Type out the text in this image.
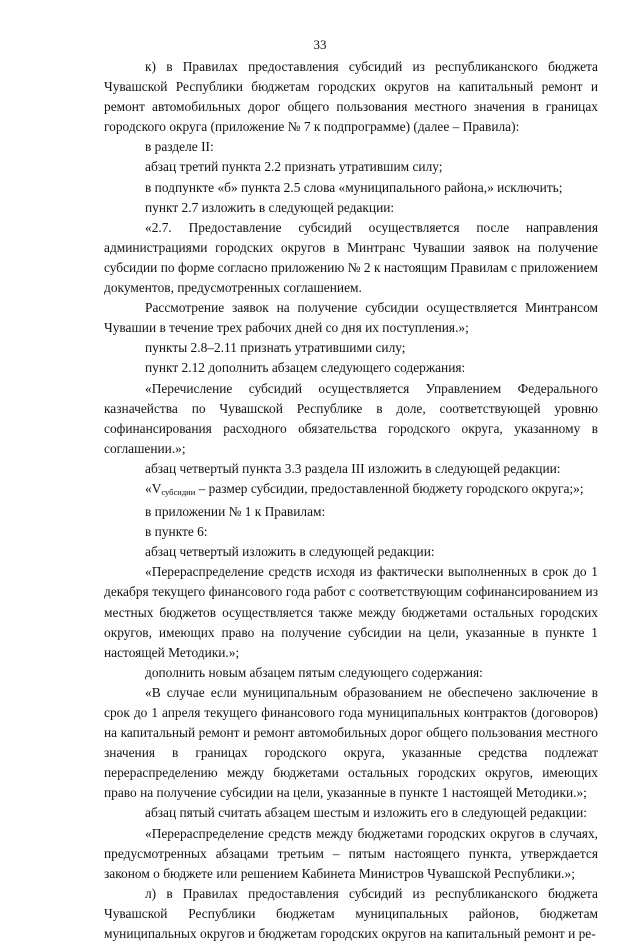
33

к) в Правилах предоставления субсидий из республиканского бюджета Чувашской Республики бюджетам городских округов на капитальный ремонт и ремонт автомобильных дорог общего пользования местного значения в границах городского округа (приложение № 7 к подпрограмме) (далее – Правила):

в разделе II:

абзац третий пункта 2.2 признать утратившим силу;

в подпункте «б» пункта 2.5 слова «муниципального района,» исключить;

пункт 2.7 изложить в следующей редакции:

«2.7. Предоставление субсидий осуществляется после направления администрациями городских округов в Минтранс Чувашии заявок на получение субсидии по форме согласно приложению № 2 к настоящим Правилам с приложением документов, предусмотренных соглашением.

Рассмотрение заявок на получение субсидии осуществляется Минтрансом Чувашии в течение трех рабочих дней со дня их поступления.»;

пункты 2.8–2.11 признать утратившими силу;

пункт 2.12 дополнить абзацем следующего содержания:

«Перечисление субсидий осуществляется Управлением Федерального казначейства по Чувашской Республике в доле, соответствующей уровню софинансирования расходного обязательства городского округа, указанному в соглашении.»;

абзац четвертый пункта 3.3 раздела III изложить в следующей редакции:

«$V_{субсидии}$ – размер субсидии, предоставленной бюджету городского округа;»;

в приложении № 1 к Правилам:

в пункте 6:

абзац четвертый изложить в следующей редакции:

«Перераспределение средств исходя из фактически выполненных в срок до 1 декабря текущего финансового года работ с соответствующим софинансированием из местных бюджетов осуществляется также между бюджетами остальных городских округов, имеющих право на получение субсидии на цели, указанные в пункте 1 настоящей Методики.»;

дополнить новым абзацем пятым следующего содержания:

«В случае если муниципальным образованием не обеспечено заключение в срок до 1 апреля текущего финансового года муниципальных контрактов (договоров) на капитальный ремонт и ремонт автомобильных дорог общего пользования местного значения в границах городского округа, указанные средства подлежат перераспределению между бюджетами остальных городских округов, имеющих право на получение субсидии на цели, указанные в пункте 1 настоящей Методики.»;

абзац пятый считать абзацем шестым и изложить его в следующей редакции:

«Перераспределение средств между бюджетами городских округов в случаях, предусмотренных абзацами третьим – пятым настоящего пункта, утверждается законом о бюджете или решением Кабинета Министров Чувашской Республики.»;

л) в Правилах предоставления субсидий из республиканского бюджета Чувашской Республики бюджетам муниципальных районов, бюджетам муниципальных округов и бюджетам городских округов на капитальный ремонт и ре-
